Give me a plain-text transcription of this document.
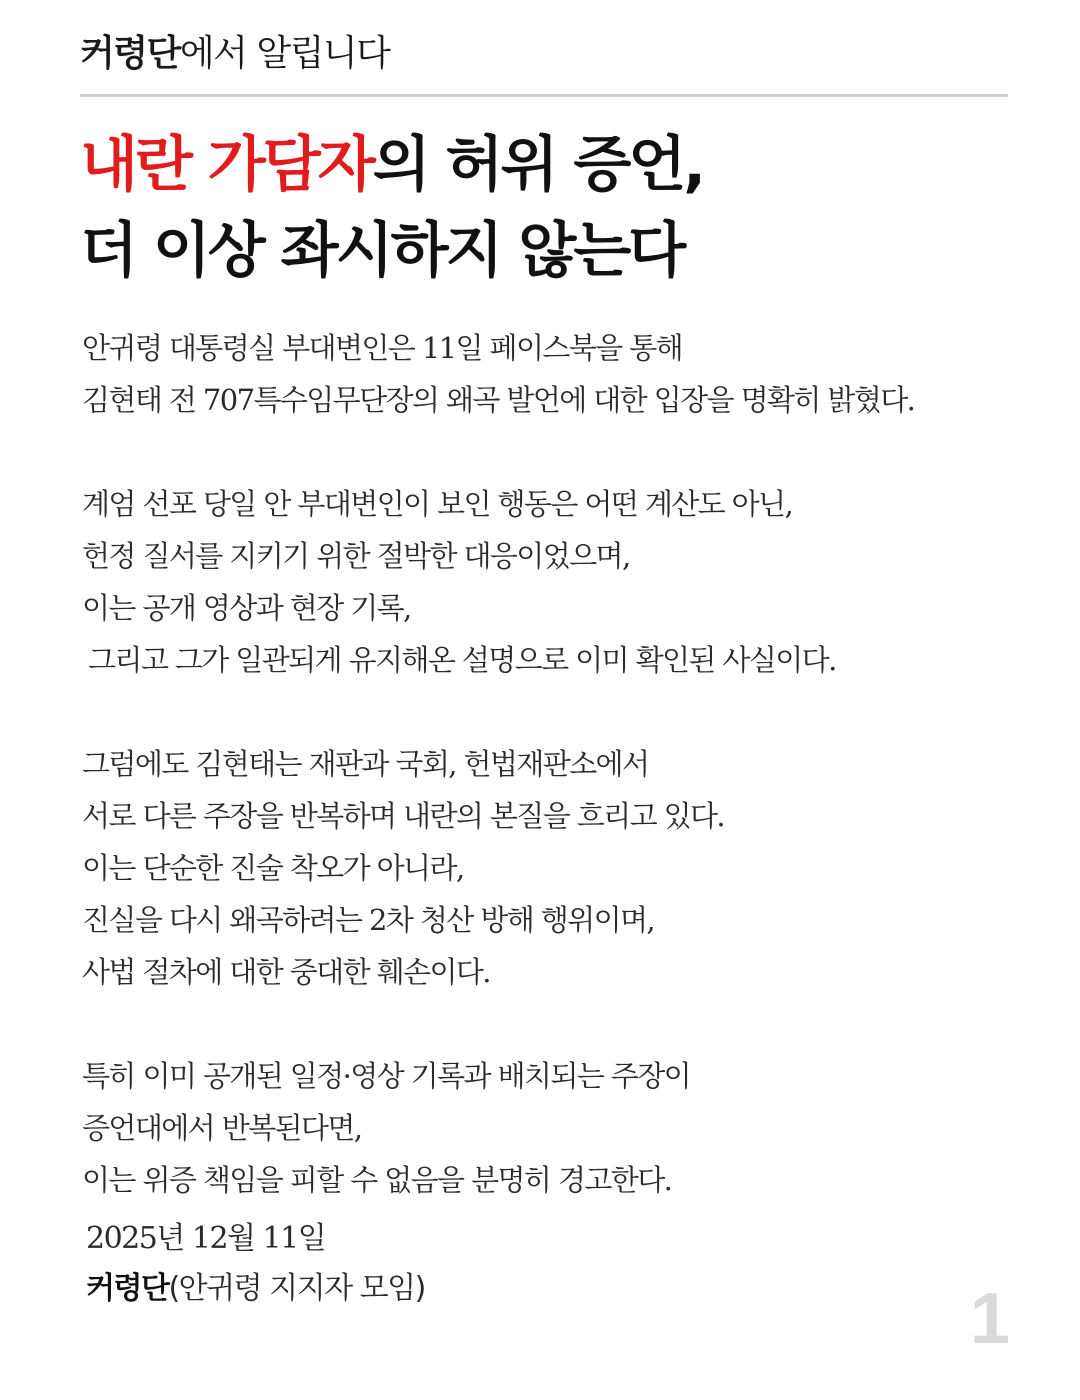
커령단에서 알립니다
내란 가담자의 허위 증언,
더 이상 좌시하지 않는다
안귀령 대통령실 부대변인은 11일 페이스북을 통해
김현태 전 707특수임무단장의 왜곡 발언에 대한 입장을 명확히 밝혔다.
계엄 선포 당일 안 부대변인이 보인 행동은 어떤 계산도 아닌,
헌정 질서를 지키기 위한 절박한 대응이었으며,
이는 공개 영상과 현장 기록,
그리고 그가 일관되게 유지해온 설명으로 이미 확인된 사실이다.
그럼에도 김현태는 재판과 국회, 헌법재판소에서
서로 다른 주장을 반복하며 내란의 본질을 흐리고 있다.
이는 단순한 진술 착오가 아니라,
진실을 다시 왜곡하려는 2차 청산 방해 행위이며,
사법 절차에 대한 중대한 훼손이다.
특히 이미 공개된 일정·영상 기록과 배치되는 주장이
증언대에서 반복된다면,
이는 위증 책임을 피할 수 없음을 분명히 경고한다.
2025년 12월 11일
커령단(안귀령 지지자 모임)	1
